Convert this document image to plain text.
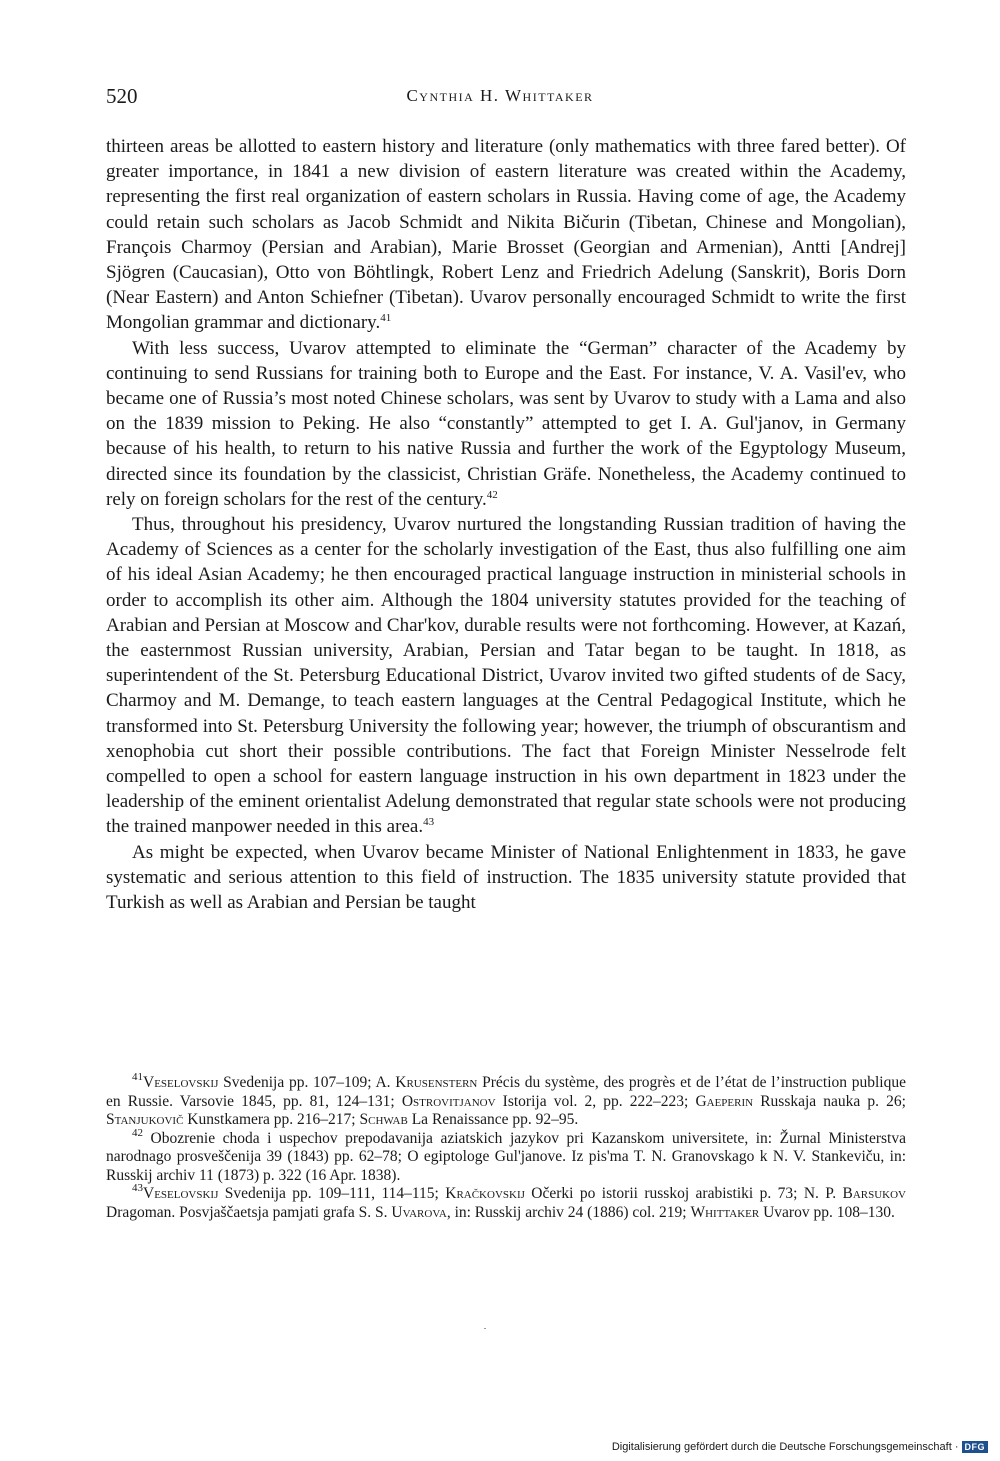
520	Cynthia H. Whittaker

thirteen areas be allotted to eastern history and literature (only mathematics with three fared better). Of greater importance, in 1841 a new division of eastern literature was created within the Academy, representing the first real organization of eastern scholars in Russia. Having come of age, the Academy could retain such scholars as Jacob Schmidt and Nikita Bičurin (Tibetan, Chinese and Mongolian), François Charmoy (Persian and Arabian), Marie Brosset (Georgian and Armenian), Antti [Andrej] Sjögren (Caucasian), Otto von Böhtlingk, Robert Lenz and Friedrich Adelung (Sanskrit), Boris Dorn (Near Eastern) and Anton Schiefner (Tibetan). Uvarov personally encouraged Schmidt to write the first Mongolian grammar and dictionary.$^{41}$

With less success, Uvarov attempted to eliminate the “German” character of the Academy by continuing to send Russians for training both to Europe and the East. For instance, V. A. Vasil'ev, who became one of Russia’s most noted Chinese scholars, was sent by Uvarov to study with a Lama and also on the 1839 mission to Peking. He also “constantly” attempted to get I. A. Gul'janov, in Germany because of his health, to return to his native Russia and further the work of the Egyptology Museum, directed since its foundation by the classicist, Christian Gräfe. Nonetheless, the Academy continued to rely on foreign scholars for the rest of the century.$^{42}$

Thus, throughout his presidency, Uvarov nurtured the longstanding Russian tradition of having the Academy of Sciences as a center for the scholarly investigation of the East, thus also fulfilling one aim of his ideal Asian Academy; he then encouraged practical language instruction in ministerial schools in order to accomplish its other aim. Although the 1804 university statutes provided for the teaching of Arabian and Persian at Moscow and Char'kov, durable results were not forthcoming. However, at Kazań, the easternmost Russian university, Arabian, Persian and Tatar began to be taught. In 1818, as superintendent of the St. Petersburg Educational District, Uvarov invited two gifted students of de Sacy, Charmoy and M. Demange, to teach eastern languages at the Central Pedagogical Institute, which he transformed into St. Petersburg University the following year; however, the triumph of obscurantism and xenophobia cut short their possible contributions. The fact that Foreign Minister Nesselrode felt compelled to open a school for eastern language instruction in his own department in 1823 under the leadership of the eminent orientalist Adelung demonstrated that regular state schools were not producing the trained manpower needed in this area.$^{43}$

As might be expected, when Uvarov became Minister of National Enlightenment in 1833, he gave systematic and serious attention to this field of instruction. The 1835 university statute provided that Turkish as well as Arabian and Persian be taught

$^{41}$Veselovskij Svedenija pp. 107–109; A. Krusenstern Précis du système, des progrès et de l’état de l’instruction publique en Russie. Varsovie 1845, pp. 81, 124–131; Ostrovitjanov Istorija vol. 2, pp. 222–223; Gaeperin Russkaja nauka p. 26; Stanjukovič Kunstkamera pp. 216–217; Schwab La Renaissance pp. 92–95.

$^{42}$ Obozrenie choda i uspechov prepodavanija aziatskich jazykov pri Kazanskom universitete, in: Žurnal Ministerstva narodnago prosveščenija 39 (1843) pp. 62–78; O egiptologe Gul'janove. Iz pis'ma T. N. Granovskago k N. V. Stankeviču, in: Russkij archiv 11 (1873) p. 322 (16 Apr. 1838).

$^{43}$Veselovskij Svedenija pp. 109–111, 114–115; Kračkovskij Očerki po istorii russkoj arabistiki p. 73; N. P. Barsukov Dragoman. Posvjaščaetsja pamjati grafa S. S. Uvarova, in: Russkij archiv 24 (1886) col. 219; Whittaker Uvarov pp. 108–130.

Digitalisierung gefördert durch die Deutsche Forschungsgemeinschaft · DFG
